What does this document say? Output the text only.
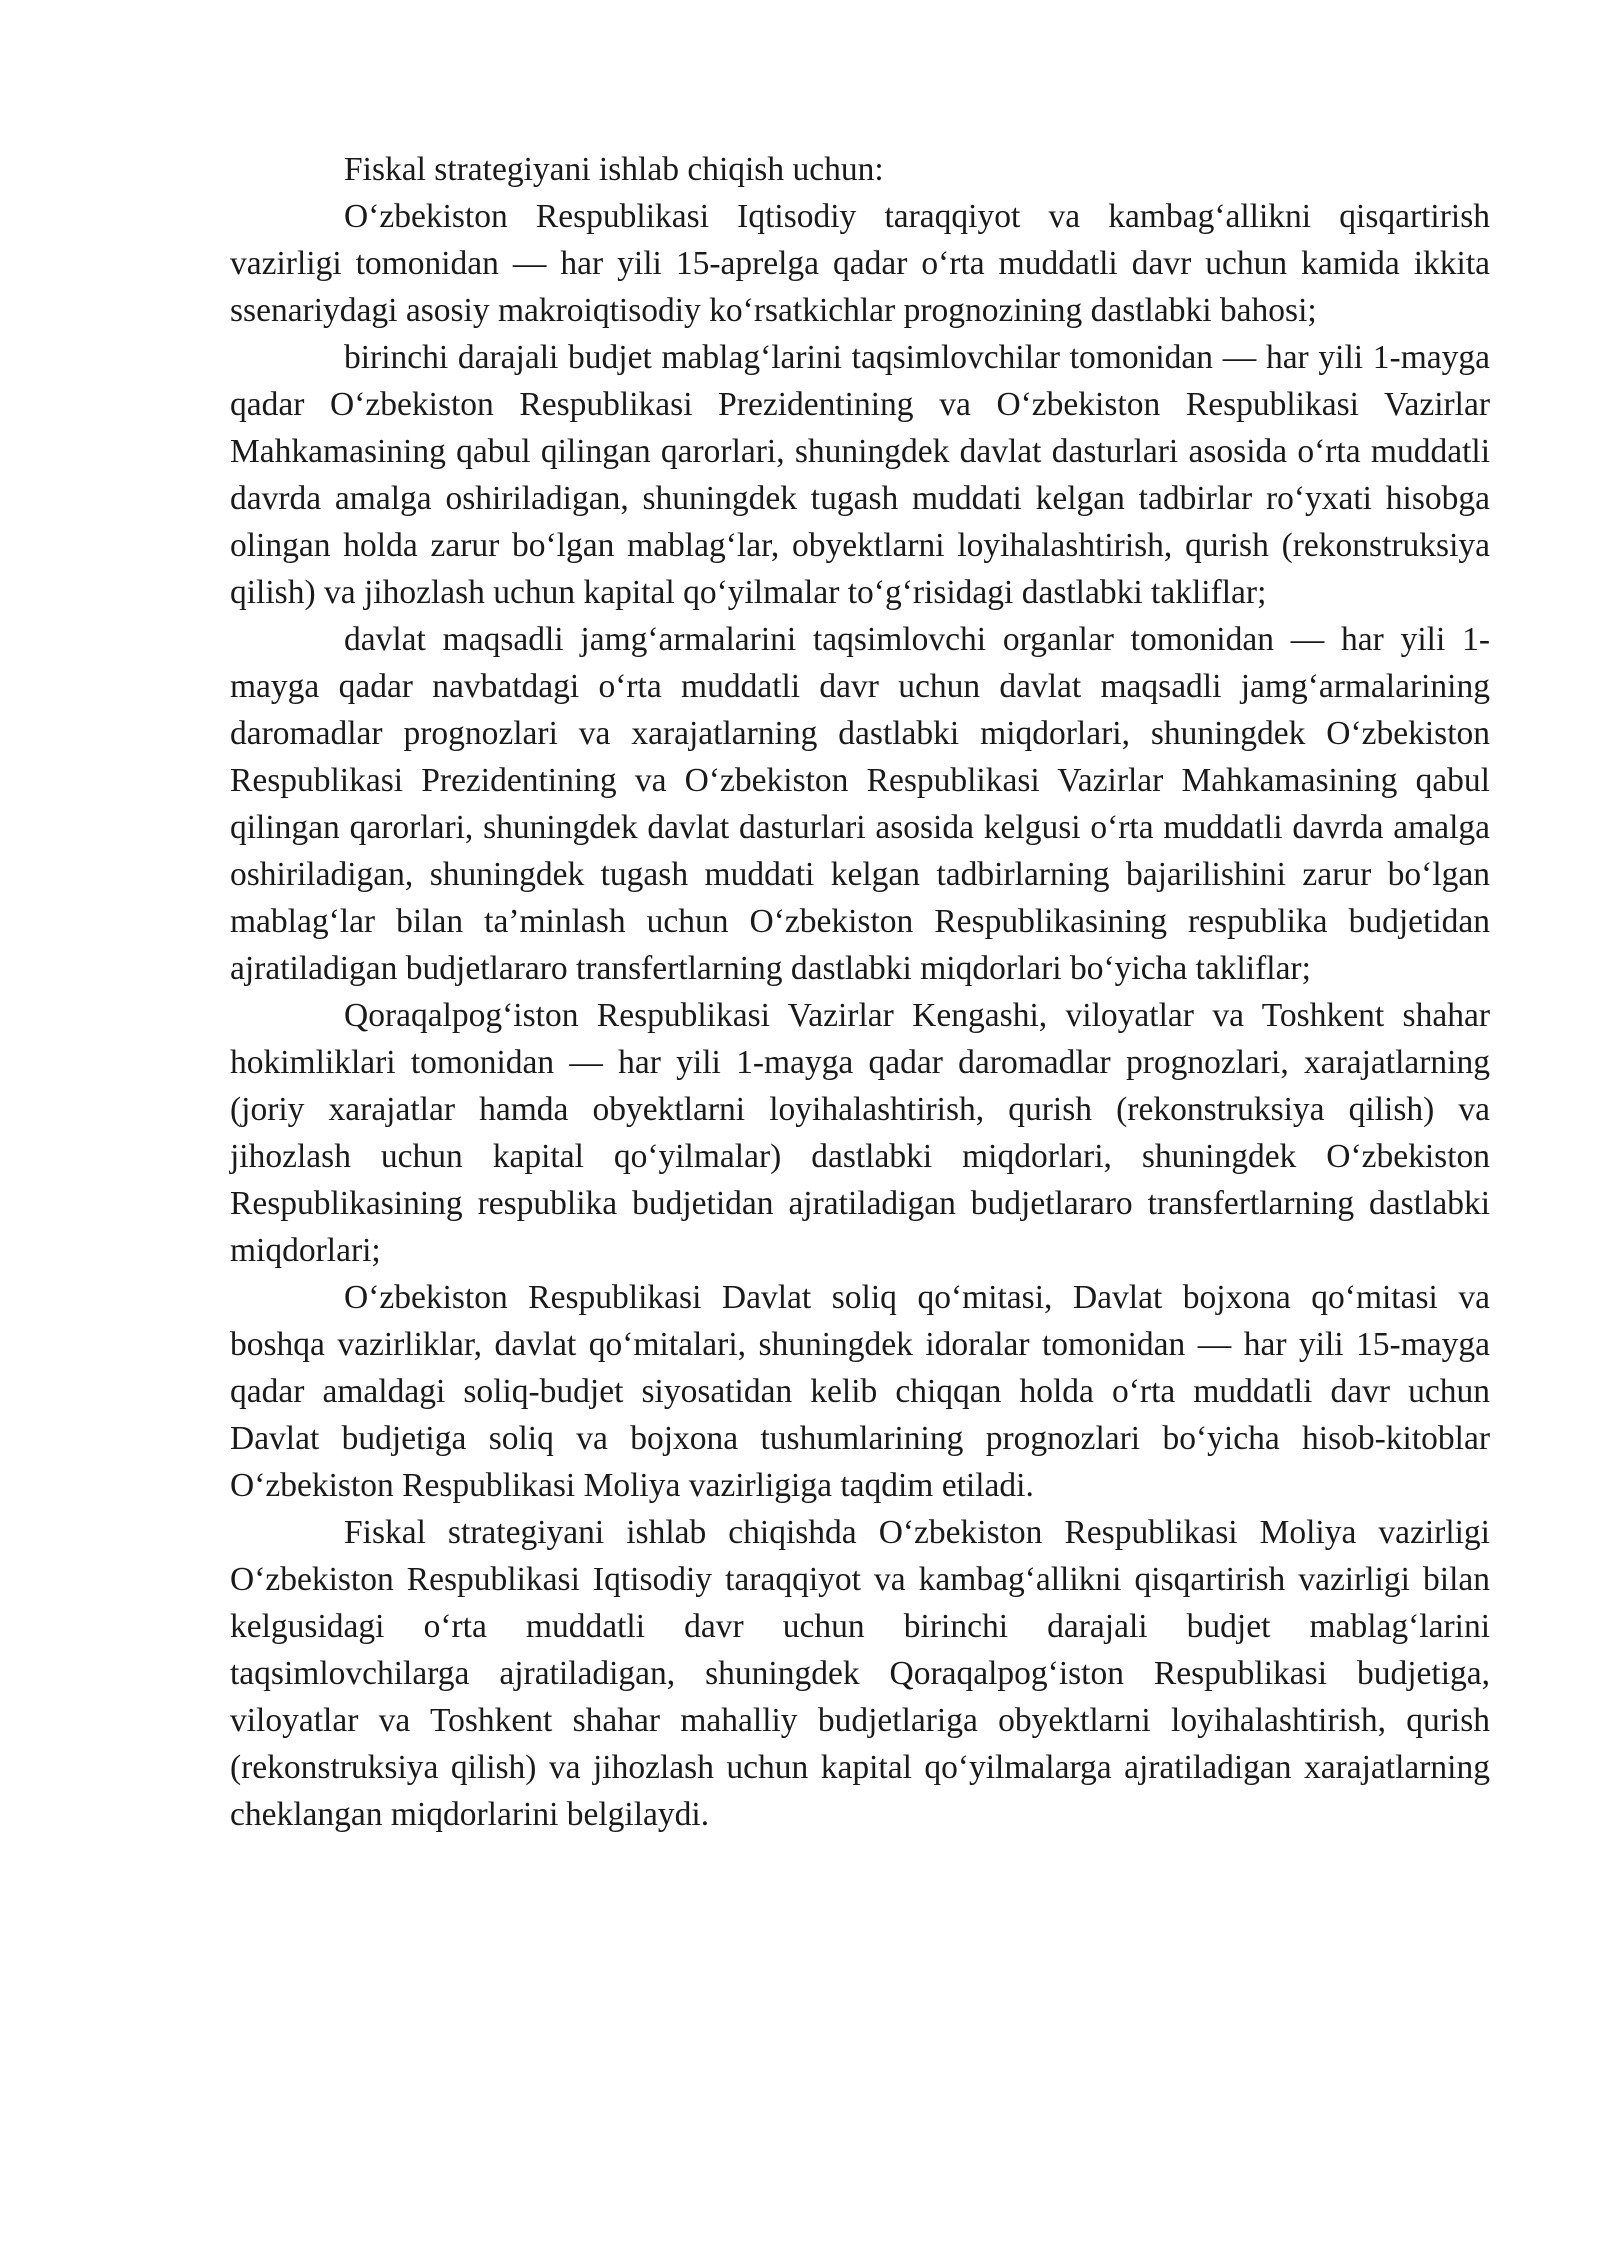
Fiskal strategiyani ishlab chiqish uchun:

O‘zbekiston Respublikasi Iqtisodiy taraqqiyot va kambag‘allikni qisqartirish vazirligi tomonidan — har yili 15-aprelga qadar o‘rta muddatli davr uchun kamida ikkita ssenariydagi asosiy makroiqtisodiy ko‘rsatkichlar prognozining dastlabki bahosi;

birinchi darajali budjet mablag‘larini taqsimlovchilar tomonidan — har yili 1-mayga qadar O‘zbekiston Respublikasi Prezidentining va O‘zbekiston Respublikasi Vazirlar Mahkamasining qabul qilingan qarorlari, shuningdek davlat dasturlari asosida o‘rta muddatli davrda amalga oshiriladigan, shuningdek tugash muddati kelgan tadbirlar ro‘yxati hisobga olingan holda zarur bo‘lgan mablag‘lar, obyektlarni loyihalashtirish, qurish (rekonstruksiya qilish) va jihozlash uchun kapital qo‘yilmalar to‘g‘risidagi dastlabki takliflar;

davlat maqsadli jamg‘armalarini taqsimlovchi organlar tomonidan — har yili 1-mayga qadar navbatdagi o‘rta muddatli davr uchun davlat maqsadli jamg‘armalarining daromadlar prognozlari va xarajatlarning dastlabki miqdorlari, shuningdek O‘zbekiston Respublikasi Prezidentining va O‘zbekiston Respublikasi Vazirlar Mahkamasining qabul qilingan qarorlari, shuningdek davlat dasturlari asosida kelgusi o‘rta muddatli davrda amalga oshiriladigan, shuningdek tugash muddati kelgan tadbirlarning bajarilishini zarur bo‘lgan mablag‘lar bilan ta’minlash uchun O‘zbekiston Respublikasining respublika budjetidan ajratiladigan budjetlararo transfertlarning dastlabki miqdorlari bo‘yicha takliflar;

Qoraqalpog‘iston Respublikasi Vazirlar Kengashi, viloyatlar va Toshkent shahar hokimliklari tomonidan — har yili 1-mayga qadar daromadlar prognozlari, xarajatlarning (joriy xarajatlar hamda obyektlarni loyihalashtirish, qurish (rekonstruksiya qilish) va jihozlash uchun kapital qo‘yilmalar) dastlabki miqdorlari, shuningdek O‘zbekiston Respublikasining respublika budjetidan ajratiladigan budjetlararo transfertlarning dastlabki miqdorlari;

O‘zbekiston Respublikasi Davlat soliq qo‘mitasi, Davlat bojxona qo‘mitasi va boshqa vazirliklar, davlat qo‘mitalari, shuningdek idoralar tomonidan — har yili 15-mayga qadar amaldagi soliq-budjet siyosatidan kelib chiqqan holda o‘rta muddatli davr uchun Davlat budjetiga soliq va bojxona tushumlarining prognozlari bo‘yicha hisob-kitoblar O‘zbekiston Respublikasi Moliya vazirligiga taqdim etiladi.

Fiskal strategiyani ishlab chiqishda O‘zbekiston Respublikasi Moliya vazirligi O‘zbekiston Respublikasi Iqtisodiy taraqqiyot va kambag‘allikni qisqartirish vazirligi bilan kelgusidagi o‘rta muddatli davr uchun birinchi darajali budjet mablag‘larini taqsimlovchilarga ajratiladigan, shuningdek Qoraqalpog‘iston Respublikasi budjetiga, viloyatlar va Toshkent shahar mahalliy budjetlariga obyektlarni loyihalashtirish, qurish (rekonstruksiya qilish) va jihozlash uchun kapital qo‘yilmalarga ajratiladigan xarajatlarning cheklangan miqdorlarini belgilaydi.
